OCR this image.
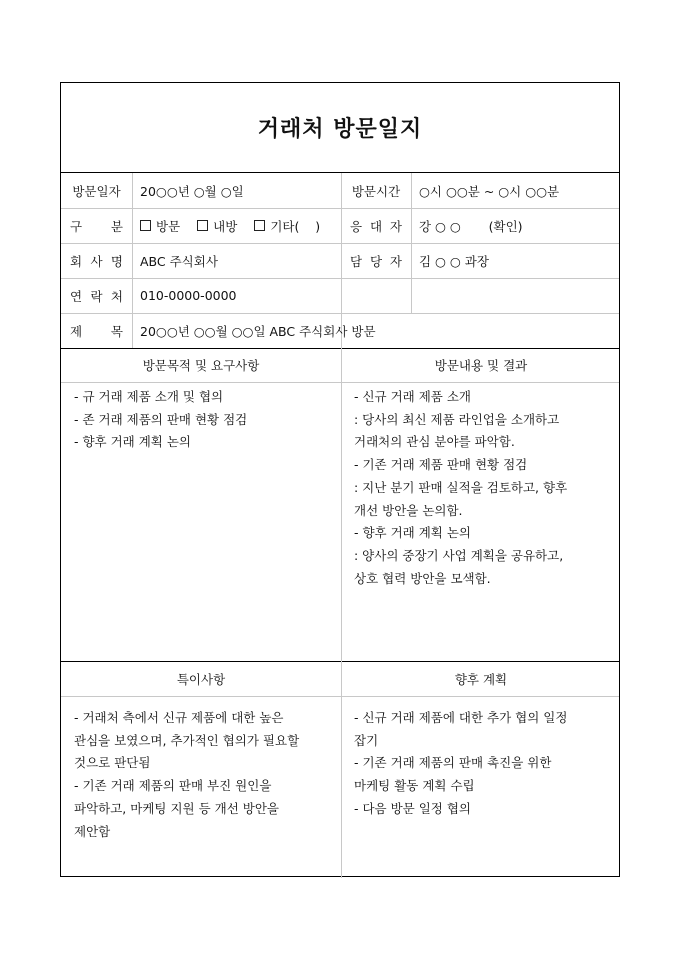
거래처 방문일지
방문일자	20○○년 ○월 ○일	방문시간	○시 ○○분 ~ ○시 ○○분
구 분	방문	내방	기타(    ) 응 대 자	강 ○ ○       (확인)
회 사 명	ABC 주식회사	담 당 자	김 ○ ○ 과장
연 락 처	010-0000-0000
제 목	20○○년 ○○월 ○○일 ABC 주식회사 방문
방문목적 및 요구사항	방문내용 및 결과
- 규 거래 제품 소개 및 협의
- 존 거래 제품의 판매 현황 점검
- 향후 거래 계획 논의
- 신규 거래 제품 소개
: 당사의 최신 제품 라인업을 소개하고
거래처의 관심 분야를 파악함.
- 기존 거래 제품 판매 현황 점검
: 지난 분기 판매 실적을 검토하고, 향후
개선 방안을 논의함.
- 향후 거래 계획 논의
: 양사의 중장기 사업 계획을 공유하고,
상호 협력 방안을 모색함.
특이사항	향후 계획
- 거래처 측에서 신규 제품에 대한 높은
관심을 보였으며, 추가적인 협의가 필요할
것으로 판단됨
- 기존 거래 제품의 판매 부진 원인을
파악하고, 마케팅 지원 등 개선 방안을
제안함
- 신규 거래 제품에 대한 추가 협의 일정
잡기
- 기존 거래 제품의 판매 촉진을 위한
마케팅 활동 계획 수립
- 다음 방문 일정 협의
